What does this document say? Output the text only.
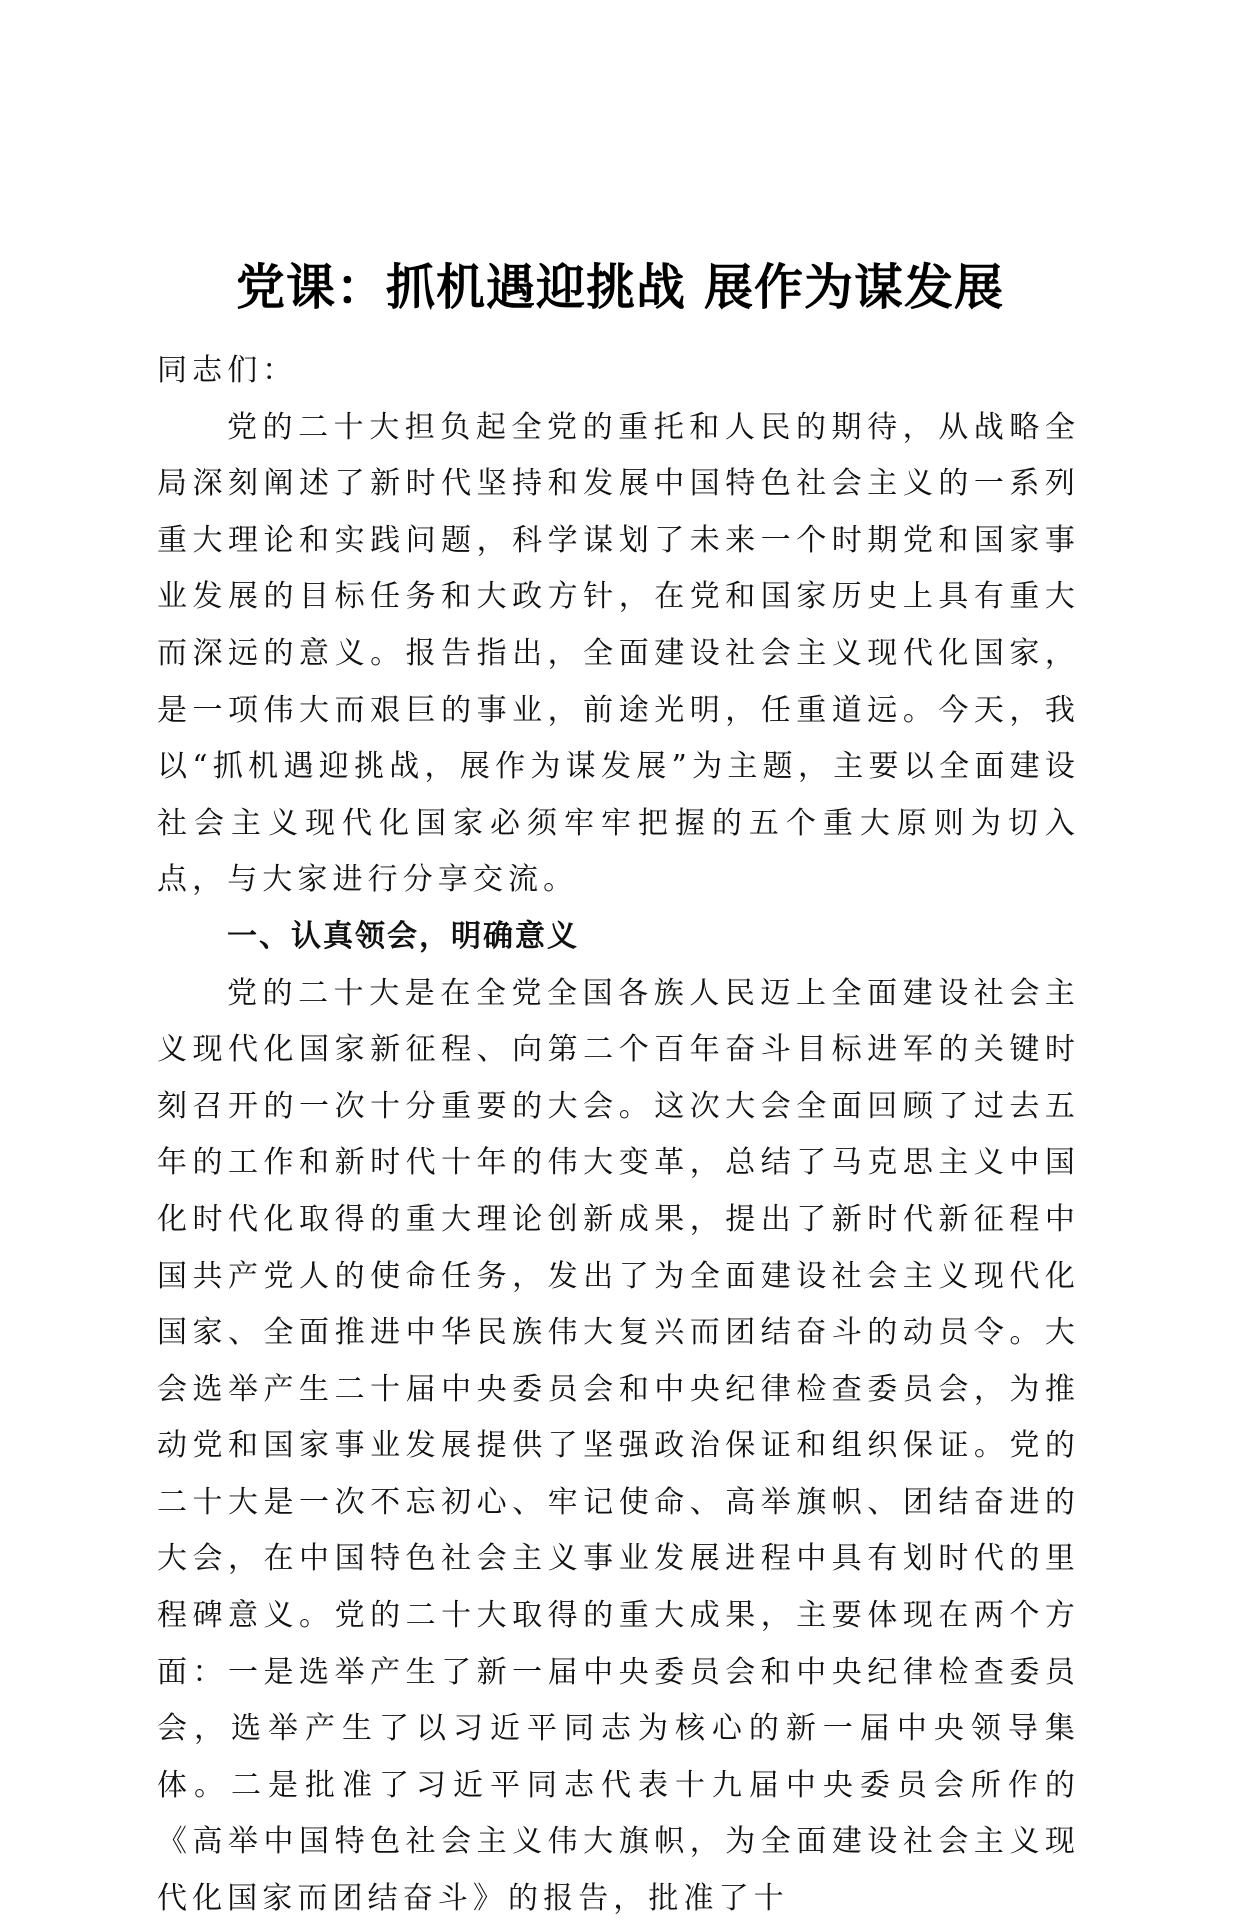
党课：抓机遇迎挑战 展作为谋发展

同志们：

党的二十大担负起全党的重托和人民的期待，从战略全局深刻阐述了新时代坚持和发展中国特色社会主义的一系列重大理论和实践问题，科学谋划了未来一个时期党和国家事业发展的目标任务和大政方针，在党和国家历史上具有重大而深远的意义。报告指出，全面建设社会主义现代化国家，是一项伟大而艰巨的事业，前途光明，任重道远。今天，我以“抓机遇迎挑战，展作为谋发展”为主题，主要以全面建设社会主义现代化国家必须牢牢把握的五个重大原则为切入点，与大家进行分享交流。

一、认真领会，明确意义

党的二十大是在全党全国各族人民迈上全面建设社会主义现代化国家新征程、向第二个百年奋斗目标进军的关键时刻召开的一次十分重要的大会。这次大会全面回顾了过去五年的工作和新时代十年的伟大变革，总结了马克思主义中国化时代化取得的重大理论创新成果，提出了新时代新征程中国共产党人的使命任务，发出了为全面建设社会主义现代化国家、全面推进中华民族伟大复兴而团结奋斗的动员令。大会选举产生二十届中央委员会和中央纪律检查委员会，为推动党和国家事业发展提供了坚强政治保证和组织保证。党的二十大是一次不忘初心、牢记使命、高举旗帜、团结奋进的大会，在中国特色社会主义事业发展进程中具有划时代的里程碑意义。党的二十大取得的重大成果，主要体现在两个方面：一是选举产生了新一届中央委员会和中央纪律检查委员会，选举产生了以习近平同志为核心的新一届中央领导集体。二是批准了习近平同志代表十九届中央委员会所作的《高举中国特色社会主义伟大旗帜，为全面建设社会主义现代化国家而团结奋斗》的报告，批准了十
